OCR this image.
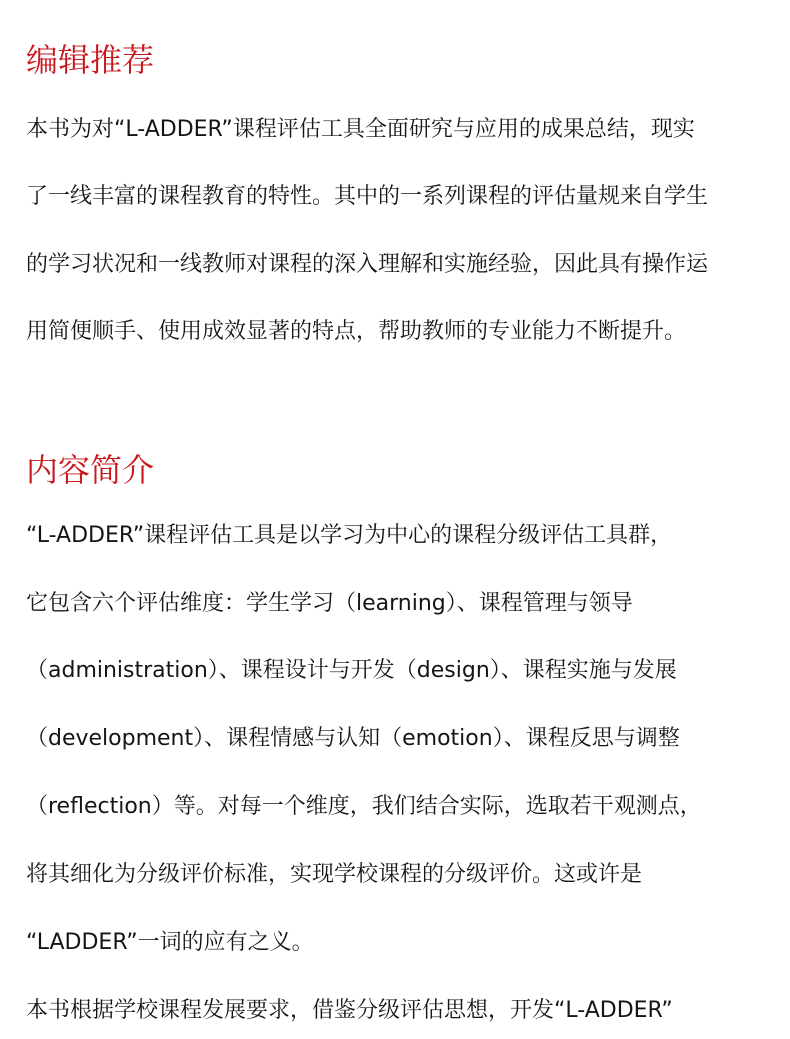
编辑推荐

本书为对“L-ADDER”课程评估工具全面研究与应用的成果总结，现实

了一线丰富的课程教育的特性。其中的一系列课程的评估量规来自学生

的学习状况和一线教师对课程的深入理解和实施经验，因此具有操作运

用简便顺手、使用成效显著的特点，帮助教师的专业能力不断提升。

内容简介

“L-ADDER”课程评估工具是以学习为中心的课程分级评估工具群，

它包含六个评估维度：学生学习（learning）、课程管理与领导

（administration）、课程设计与开发（design）、课程实施与发展

（development）、课程情感与认知（emotion）、课程反思与调整

（reflection）等。对每一个维度，我们结合实际，选取若干观测点，

将其细化为分级评价标准，实现学校课程的分级评价。这或许是

“LADDER”一词的应有之义。

本书根据学校课程发展要求，借鉴分级评估思想，开发“L-ADDER”
